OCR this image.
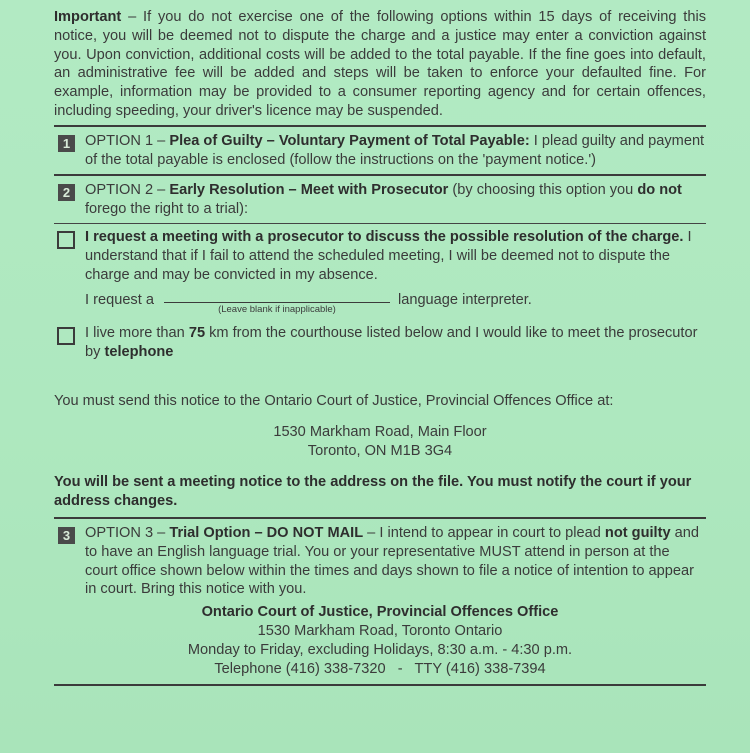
Important – If you do not exercise one of the following options within 15 days of receiving this notice, you will be deemed not to dispute the charge and a justice may enter a conviction against you. Upon conviction, additional costs will be added to the total payable. If the fine goes into default, an administrative fee will be added and steps will be taken to enforce your defaulted fine. For example, information may be provided to a consumer reporting agency and for certain offences, including speeding, your driver's licence may be suspended.

1	OPTION 1 – Plea of Guilty – Voluntary Payment of Total Payable: I plead guilty and payment of the total payable is enclosed (follow the instructions on the 'payment notice.')
2	OPTION 2 – Early Resolution – Meet with Prosecutor (by choosing this option you do not forego the right to a trial):
I request a meeting with a prosecutor to discuss the possible resolution of the charge. I understand that if I fail to attend the scheduled meeting, I will be deemed not to dispute the charge and may be convicted in my absence.
I request a
(Leave blank if inapplicable)
language interpreter.
I live more than 75 km from the courthouse listed below and I would like to meet the prosecutor by telephone

You must send this notice to the Ontario Court of Justice, Provincial Offences Office at:

1530 Markham Road, Main Floor

Toronto, ON M1B 3G4

You will be sent a meeting notice to the address on the file. You must notify the court if your address changes.

3	OPTION 3 – Trial Option – DO NOT MAIL – I intend to appear in court to plead not guilty and to have an English language trial. You or your representative MUST attend in person at the court office shown below within the times and days shown to file a notice of intention to appear in court. Bring this notice with you.

Ontario Court of Justice, Provincial Offences Office

1530 Markham Road, Toronto Ontario

Monday to Friday, excluding Holidays, 8:30 a.m. - 4:30 p.m.

Telephone (416) 338-7320   -   TTY (416) 338-7394
